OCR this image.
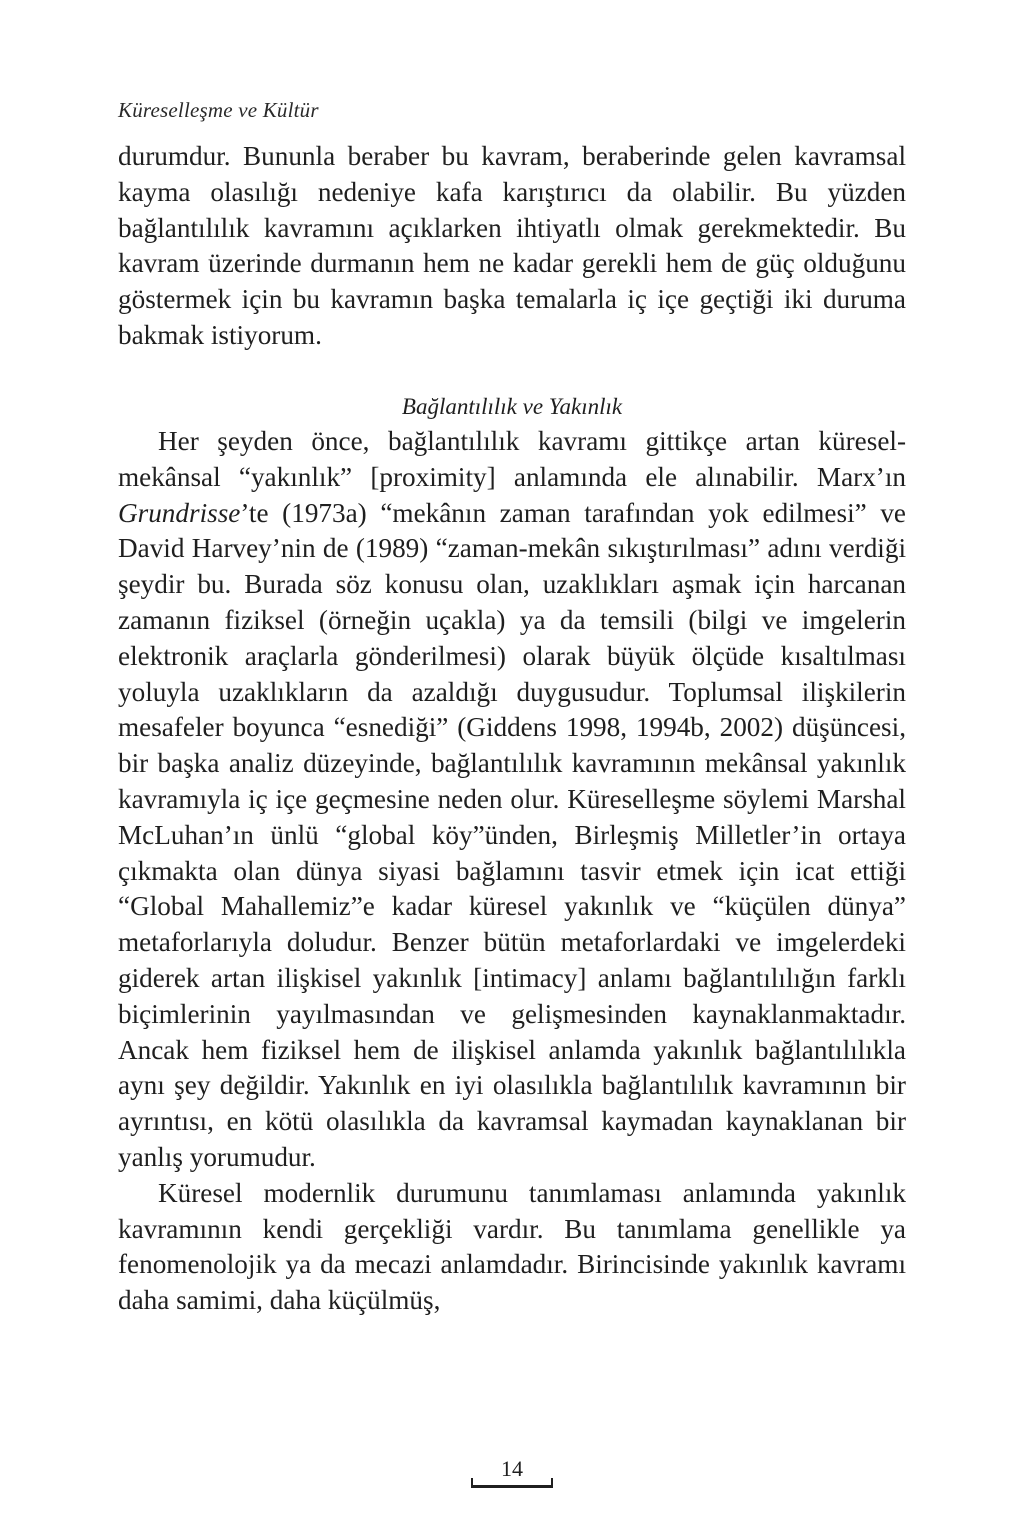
Küreselleşme ve Kültür

durumdur. Bununla beraber bu kavram, beraberinde gelen kavramsal kayma olasılığı nedeniye kafa karıştırıcı da olabilir. Bu yüzden bağlantılılık kavramını açıklarken ihtiyatlı olmak gerekmektedir. Bu kavram üzerinde durmanın hem ne kadar gerekli hem de güç olduğunu göstermek için bu kavramın başka temalarla iç içe geçtiği iki duruma bakmak istiyorum.

Bağlantılılık ve Yakınlık

Her şeyden önce, bağlantılılık kavramı gittikçe artan küresel-mekânsal “yakınlık” [proximity] anlamında ele alınabilir. Marx’ın Grundrisse’te (1973a) “mekânın zaman tarafından yok edilmesi” ve David Harvey’nin de (1989) “zaman-mekân sıkıştırılması” adını verdiği şeydir bu. Burada söz konusu olan, uzaklıkları aşmak için harcanan zamanın fiziksel (örneğin uçakla) ya da temsili (bilgi ve imgelerin elektronik araçlarla gönderilmesi) olarak büyük ölçüde kısaltılması yoluyla uzaklıkların da azaldığı duygusudur. Toplumsal ilişkilerin mesafeler boyunca “esnediği” (Giddens 1998, 1994b, 2002) düşüncesi, bir başka analiz düzeyinde, bağlantılılık kavramının mekânsal yakınlık kavramıyla iç içe geçmesine neden olur. Küreselleşme söylemi Marshal McLuhan’ın ünlü “global köy”ünden, Birleşmiş Milletler’in ortaya çıkmakta olan dünya siyasi bağlamını tasvir etmek için icat ettiği “Global Mahallemiz”e kadar küresel yakınlık ve “küçülen dünya” metaforlarıyla doludur. Benzer bütün metaforlardaki ve imgelerdeki giderek artan ilişkisel yakınlık [intimacy] anlamı bağlantılılığın farklı biçimlerinin yayılmasından ve gelişmesinden kaynaklanmaktadır. Ancak hem fiziksel hem de ilişkisel anlamda yakınlık bağlantılılıkla aynı şey değildir. Yakınlık en iyi olasılıkla bağlantılılık kavramının bir ayrıntısı, en kötü olasılıkla da kavramsal kaymadan kaynaklanan bir yanlış yorumudur.

Küresel modernlik durumunu tanımlaması anlamında yakınlık kavramının kendi gerçekliği vardır. Bu tanımlama genellikle ya fenomenolojik ya da mecazi anlamdadır. Birincisinde yakınlık kavramı daha samimi, daha küçülmüş,

14
